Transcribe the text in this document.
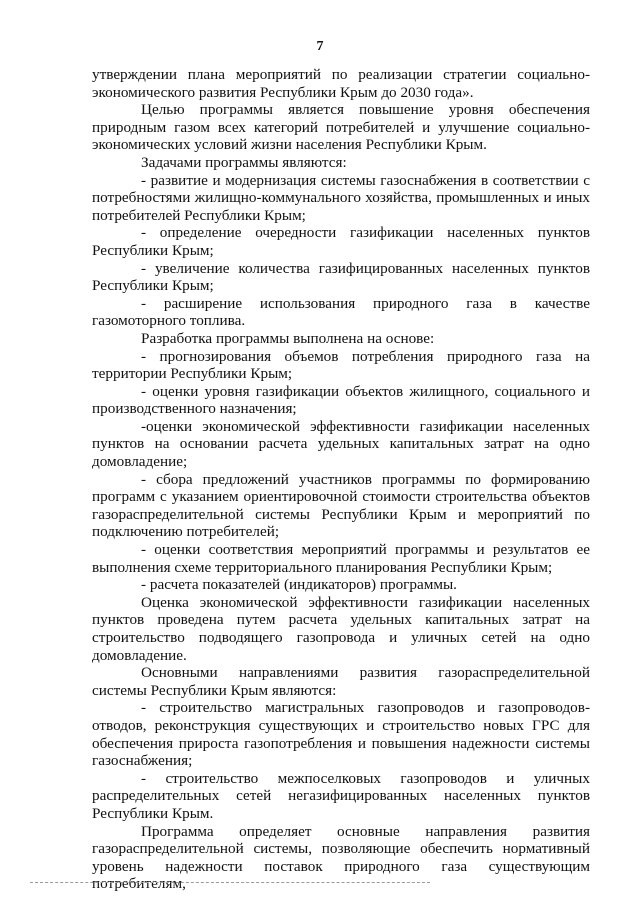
7

утверждении плана мероприятий по реализации стратегии социально-экономического развития Республики Крым до 2030 года».

Целью программы является повышение уровня обеспечения природным газом всех категорий потребителей и улучшение социально-экономических условий жизни населения Республики Крым.

Задачами программы являются:

- развитие и модернизация системы газоснабжения в соответствии с потребностями жилищно-коммунального хозяйства, промышленных и иных потребителей Республики Крым;

- определение очередности газификации населенных пунктов Республики Крым;

- увеличение количества газифицированных населенных пунктов Республики Крым;

- расширение использования природного газа в качестве газомоторного топлива.

Разработка программы выполнена на основе:

- прогнозирования объемов потребления природного газа на территории Республики Крым;

- оценки уровня газификации объектов жилищного, социального и производственного назначения;

-оценки экономической эффективности газификации населенных пунктов на основании расчета удельных капитальных затрат на одно домовладение;

- сбора предложений участников программы по формированию программ с указанием ориентировочной стоимости строительства объектов газораспределительной системы Республики Крым и мероприятий по подключению потребителей;

- оценки соответствия мероприятий программы и результатов ее выполнения схеме территориального планирования Республики Крым;

- расчета показателей (индикаторов) программы.

Оценка экономической эффективности газификации населенных пунктов проведена путем расчета удельных капитальных затрат на строительство подводящего газопровода и уличных сетей на одно домовладение.

Основными направлениями развития газораспределительной системы Республики Крым являются:

- строительство магистральных газопроводов и газопроводов-отводов, реконструкция существующих и строительство новых ГРС для обеспечения прироста газопотребления и повышения надежности системы газоснабжения;

- строительство межпоселковых газопроводов и уличных распределительных сетей негазифицированных населенных пунктов Республики Крым.

Программа определяет основные направления развития газораспределительной системы, позволяющие обеспечить нормативный уровень надежности поставок природного газа существующим потребителям,
